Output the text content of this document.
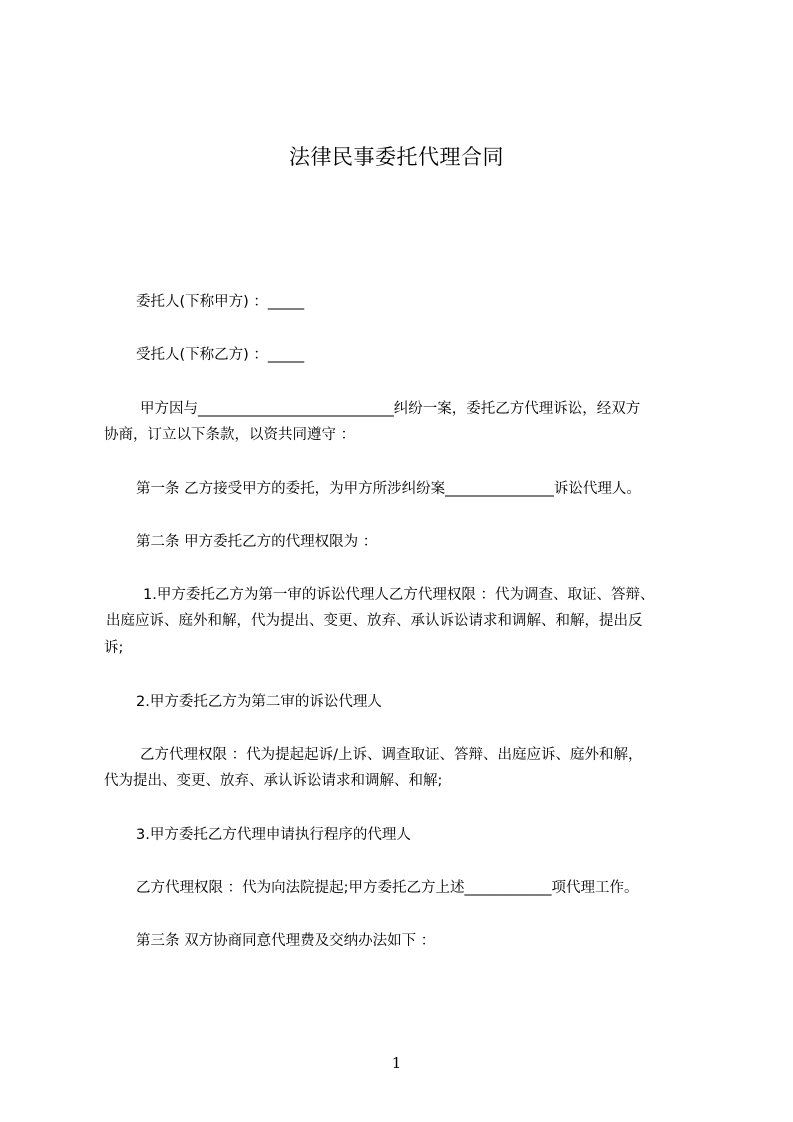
法律民事委托代理合同
委托人(下称甲方) ：_____
受托人(下称乙方) ：_____
甲方因与___________________________纠纷一案，委托乙方代理诉讼，经双方
协商，订立以下条款，以资共同遵守 ：
第一条 乙方接受甲方的委托，为甲方所涉纠纷案_______________诉讼代理人。
第二条 甲方委托乙方的代理权限为 ：
1.甲方委托乙方为第一审的诉讼代理人乙方代理权限 ：代为调查、取证、答辩、
出庭应诉、庭外和解，代为提出、变更、放弃、承认诉讼请求和调解、和解，提出反
诉;
2.甲方委托乙方为第二审的诉讼代理人
乙方代理权限 ：代为提起起诉/上诉、调查取证、答辩、出庭应诉、庭外和解，
代为提出、变更、放弃、承认诉讼请求和调解、和解;
3.甲方委托乙方代理申请执行程序的代理人
乙方代理权限 ：代为向法院提起;甲方委托乙方上述____________项代理工作。
第三条 双方协商同意代理费及交纳办法如下 ：
1
